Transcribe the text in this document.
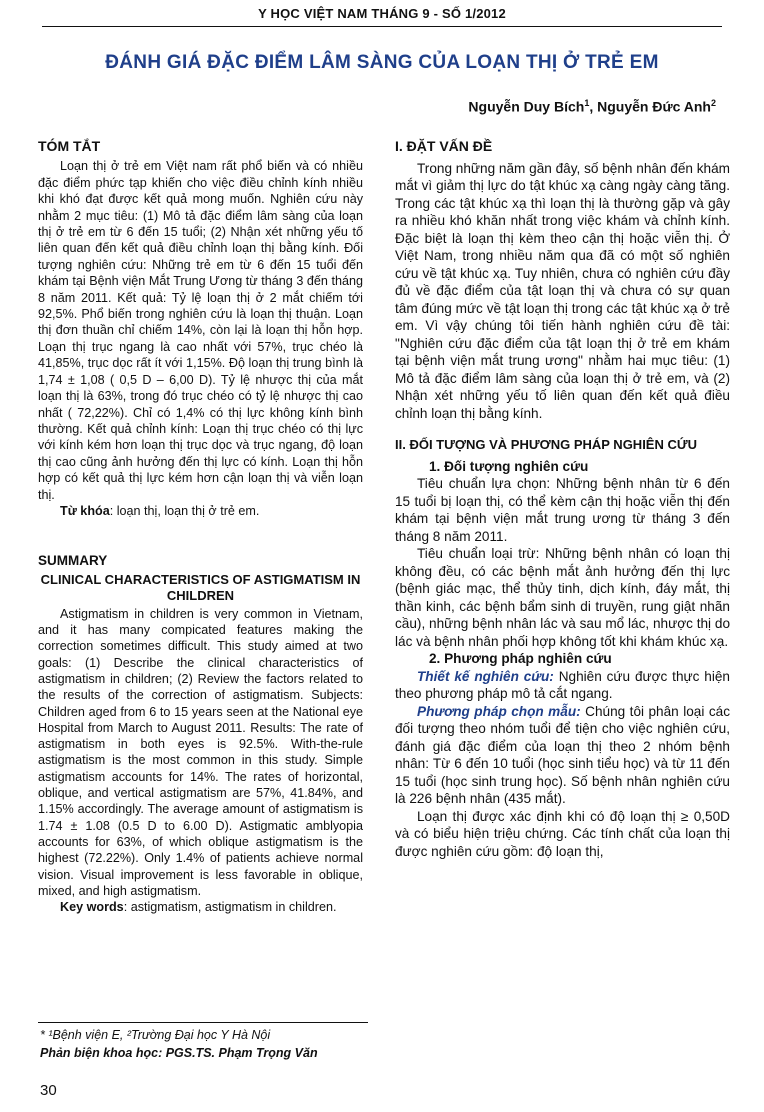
Y HỌC VIỆT NAM THÁNG 9 - SỐ 1/2012
ĐÁNH GIÁ ĐẶC ĐIỂM LÂM SÀNG CỦA LOẠN THỊ Ở TRẺ EM
Nguyễn Duy Bích$^1$, Nguyễn Đức Anh$^2$
TÓM TẮT

Loạn thị ở trẻ em Việt nam rất phổ biến và có nhiều đặc điểm phức tạp khiến cho việc điều chỉnh kính nhiều khi khó đạt được kết quả mong muốn. Nghiên cứu này nhằm 2 mục tiêu: (1) Mô tả đặc điểm lâm sàng của loạn thị ở trẻ em từ 6 đến 15 tuổi; (2) Nhận xét những yếu tố liên quan đến kết quả điều chỉnh loạn thị bằng kính. Đối tượng nghiên cứu: Những trẻ em từ 6 đến 15 tuổi đến khám tại Bệnh viện Mắt Trung Ương từ tháng 3 đến tháng 8 năm 2011. Kết quả: Tỷ lệ loạn thị ở 2 mắt chiếm tới 92,5%. Phổ biến trong nghiên cứu là loạn thị thuận. Loạn thị đơn thuần chỉ chiếm 14%, còn lại là loạn thị hỗn hợp. Loạn thị trục ngang là cao nhất với 57%, trục chéo là 41,85%, trục dọc rất ít với 1,15%. Độ loạn thị trung bình là 1,74 ± 1,08 ( 0,5 D – 6,00 D). Tỷ lệ nhược thị của mắt loạn thị là 63%, trong đó trục chéo có tỷ lệ nhược thị cao nhất ( 72,22%). Chỉ có 1,4% có thị lực không kính bình thường. Kết quả chỉnh kính: Loạn thị trục chéo có thị lực với kính kém hơn loạn thị trục dọc và trục ngang, độ loạn thị cao cũng ảnh hưởng đến thị lực có kính. Loạn thị hỗn hợp có kết quả thị lực kém hơn cận loạn thị và viễn loạn thị.

Từ khóa: loạn thị, loạn thị ở trẻ em.

SUMMARY
CLINICAL CHARACTERISTICS OF ASTIGMATISM IN CHILDREN

Astigmatism in children is very common in Vietnam, and it has many compicated features making the correction sometimes difficult. This study aimed at two goals: (1) Describe the clinical characteristics of astigmatism in children; (2) Review the factors related to the results of the correction of astigmatism. Subjects: Children aged from 6 to 15 years seen at the National eye Hospital from March to August 2011. Results: The rate of astigmatism in both eyes is 92.5%. With-the-rule astigmatism is the most common in this study. Simple astigmatism accounts for 14%. The rates of horizontal, oblique, and vertical astigmatism are 57%, 41.84%, and 1.15% accordingly. The average amount of astigmatism is 1.74 ± 1.08 (0.5 D to 6.00 D). Astigmatic amblyopia accounts for 63%, of which oblique astigmatism is the highest (72.22%). Only 1.4% of patients achieve normal vision. Visual improvement is less favorable in oblique, mixed, and high astigmatism.

Key words: astigmatism, astigmatism in children.

I. ĐẶT VẤN ĐỀ

Trong những năm gần đây, số bệnh nhân đến khám mắt vì giảm thị lực do tật khúc xạ càng ngày càng tăng. Trong các tật khúc xạ thì loạn thị là thường gặp và gây ra nhiều khó khăn nhất trong việc khám và chỉnh kính. Đặc biệt là loạn thị kèm theo cận thị hoặc viễn thị. Ở Việt Nam, trong nhiều năm qua đã có một số nghiên cứu về tật khúc xạ. Tuy nhiên, chưa có nghiên cứu đầy đủ về đặc điểm của tật loạn thị và chưa có sự quan tâm đúng mức về tật loạn thị trong các tật khúc xạ ở trẻ em. Vì vậy chúng tôi tiến hành nghiên cứu đề tài: "Nghiên cứu đặc điểm của tật loạn thị ở trẻ em khám tại bệnh viện mắt trung ương" nhằm hai mục tiêu: (1) Mô tả đặc điểm lâm sàng của loạn thị ở trẻ em, và (2) Nhận xét những yếu tố liên quan đến kết quả điều chỉnh loạn thị bằng kính.

II. ĐỐI TƯỢNG VÀ PHƯƠNG PHÁP NGHIÊN CỨU

1. Đối tượng nghiên cứu

Tiêu chuẩn lựa chọn: Những bệnh nhân từ 6 đến 15 tuổi bị loạn thị, có thể kèm cận thị hoặc viễn thị đến khám tại bệnh viện mắt trung ương từ tháng 3 đến tháng 8 năm 2011.

Tiêu chuẩn loại trừ: Những bệnh nhân có loạn thị không đều, có các bệnh mắt ảnh hưởng đến thị lực (bệnh giác mạc, thể thủy tinh, dịch kính, đáy mắt, thị thần kinh, các bệnh bẩm sinh di truyền, rung giật nhãn cầu), những bệnh nhân lác và sau mổ lác, nhược thị do lác và bệnh nhân phối hợp không tốt khi khám khúc xạ.

2. Phương pháp nghiên cứu

Thiết kế nghiên cứu: Nghiên cứu được thực hiện theo phương pháp mô tả cắt ngang.

Phương pháp chọn mẫu: Chúng tôi phân loại các đối tượng theo nhóm tuổi để tiện cho việc nghiên cứu, đánh giá đặc điểm của loạn thị theo 2 nhóm bệnh nhân: Từ 6 đến 10 tuổi (học sinh tiểu học) và từ 11 đến 15 tuổi (học sinh trung học). Số bệnh nhân nghiên cứu là 226 bệnh nhân (435 mắt).

Loạn thị được xác định khi có độ loạn thị ≥ 0,50D và có biểu hiện triệu chứng. Các tính chất của loạn thị được nghiên cứu gồm: độ loạn thị,

* ¹Bệnh viện E, ²Trường Đại học Y Hà Nội
Phản biện khoa học: PGS.TS. Phạm Trọng Văn
30
